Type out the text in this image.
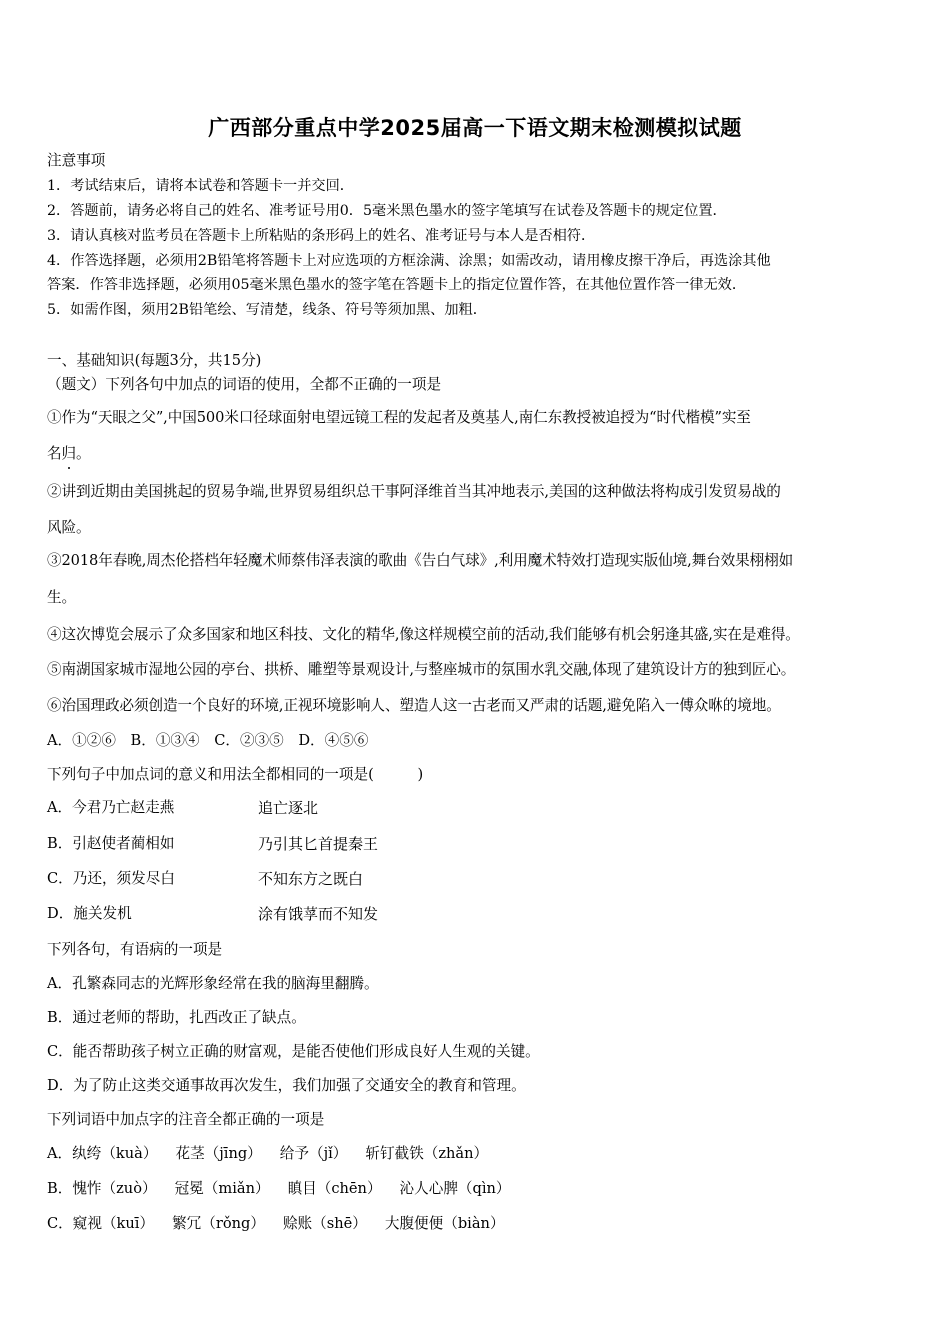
广西部分重点中学2025届高一下语文期末检测模拟试题
注意事项
1．考试结束后，请将本试卷和答题卡一并交回．
2．答题前，请务必将自己的姓名、准考证号用0．5毫米黑色墨水的签字笔填写在试卷及答题卡的规定位置．
3．请认真核对监考员在答题卡上所粘贴的条形码上的姓名、准考证号与本人是否相符．
4．作答选择题，必须用2B铅笔将答题卡上对应选项的方框涂满、涂黑；如需改动，请用橡皮擦干净后，再选涂其他
答案．作答非选择题，必须用05毫米黑色墨水的签字笔在答题卡上的指定位置作答，在其他位置作答一律无效．
5．如需作图，须用2B铅笔绘、写清楚，线条、符号等须加黑、加粗．
一、基础知识(每题3分，共15分)
（题文）下列各句中加点的词语的使用，全都不正确的一项是
①作为“天眼之父”,中国500米口径球面射电望远镜工程的发起者及奠基人,南仁东教授被追授为“时代楷模”实至
名归。
②讲到近期由美国挑起的贸易争端,世界贸易组织总干事阿泽维首当其冲地表示,美国的这种做法将构成引发贸易战的
风险。
③2018年春晚,周杰伦搭档年轻魔术师蔡伟泽表演的歌曲《告白气球》,利用魔术特效打造现实版仙境,舞台效果栩栩如
生。
④这次博览会展示了众多国家和地区科技、文化的精华,像这样规模空前的活动,我们能够有机会躬逢其盛,实在是难得。
⑤南湖国家城市湿地公园的亭台、拱桥、雕塑等景观设计,与整座城市的氛围水乳交融,体现了建筑设计方的独到匠心。
⑥治国理政必须创造一个良好的环境,正视环境影响人、塑造人这一古老而又严肃的话题,避免陷入一傅众咻的境地。
A．①②⑥　B．①③④　C．②③⑤　D．④⑤⑥
下列句子中加点词的意义和用法全都相同的一项是(　　　)
A．今君乃亡赵走燕	追亡逐北
B．引赵使者蔺相如	乃引其匕首提秦王
C．乃还，须发尽白	不知东方之既白
D．施关发机	涂有饿莩而不知发
下列各句，有语病的一项是
A．孔繁森同志的光辉形象经常在我的脑海里翻腾。
B．通过老师的帮助，扎西改正了缺点。
C．能否帮助孩子树立正确的财富观，是能否使他们形成良好人生观的关键。
D．为了防止这类交通事故再次发生，我们加强了交通安全的教育和管理。
下列词语中加点字的注音全都正确的一项是
A．纨绔（kuà） 花茎（jīng） 给予（jǐ） 斩钉截铁（zhǎn）
B．愧怍（zuò） 冠冕（miǎn） 瞋目（chēn） 沁人心脾（qìn）
C．窥视（kuī） 繁冗（rǒng） 赊账（shē） 大腹便便（biàn）
